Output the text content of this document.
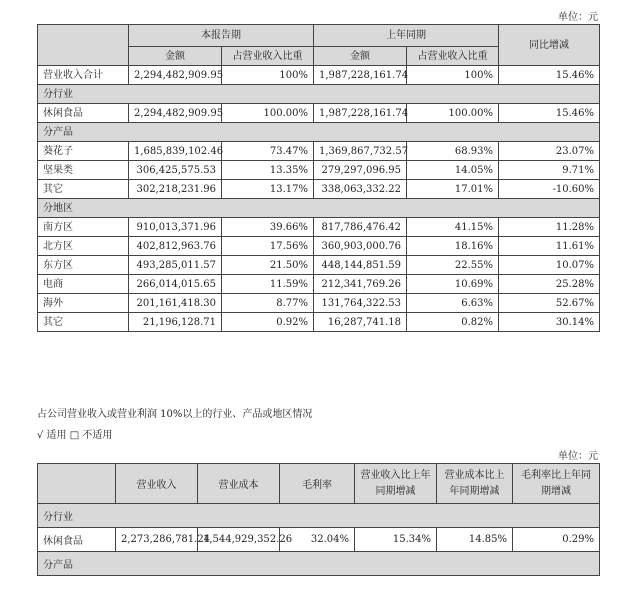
单位：元
	本报告期		上年同期		同比增减
	金额	占营业收入比重	金额	占营业收入比重	
营业收入合计	2,294,482,909.95	100%	1,987,228,161.74	100%	15.46%
分行业					
休闲食品	2,294,482,909.95	100.00%	1,987,228,161.74	100.00%	15.46%
分产品					
葵花子	1,685,839,102.46	73.47%	1,369,867,732.57	68.93%	23.07%
坚果类	306,425,575.53	13.35%	279,297,096.95	14.05%	9.71%
其它	302,218,231.96	13.17%	338,063,332.22	17.01%	-10.60%
分地区					
南方区	910,013,371.96	39.66%	817,786,476.42	41.15%	11.28%
北方区	402,812,963.76	17.56%	360,903,000.76	18.16%	11.61%
东方区	493,285,011.57	21.50%	448,144,851.59	22.55%	10.07%
电商	266,014,015.65	11.59%	212,341,769.26	10.69%	25.28%
海外	201,161,418.30	8.77%	131,764,322.53	6.63%	52.67%
其它	21,196,128.71	0.92%	16,287,741.18	0.82%	30.14%
占公司营业收入或营业利润 10%以上的行业、产品或地区情况
√ 适用 □ 不适用
单位：元
	营业收入	营业成本	毛利率	营业收入比上年同期增减	营业成本比上年同期增减	毛利率比上年同期增减
分行业						
休闲食品	2,273,286,781.24	1,544,929,352.26	32.04%	15.34%	14.85%	0.29%
分产品						
